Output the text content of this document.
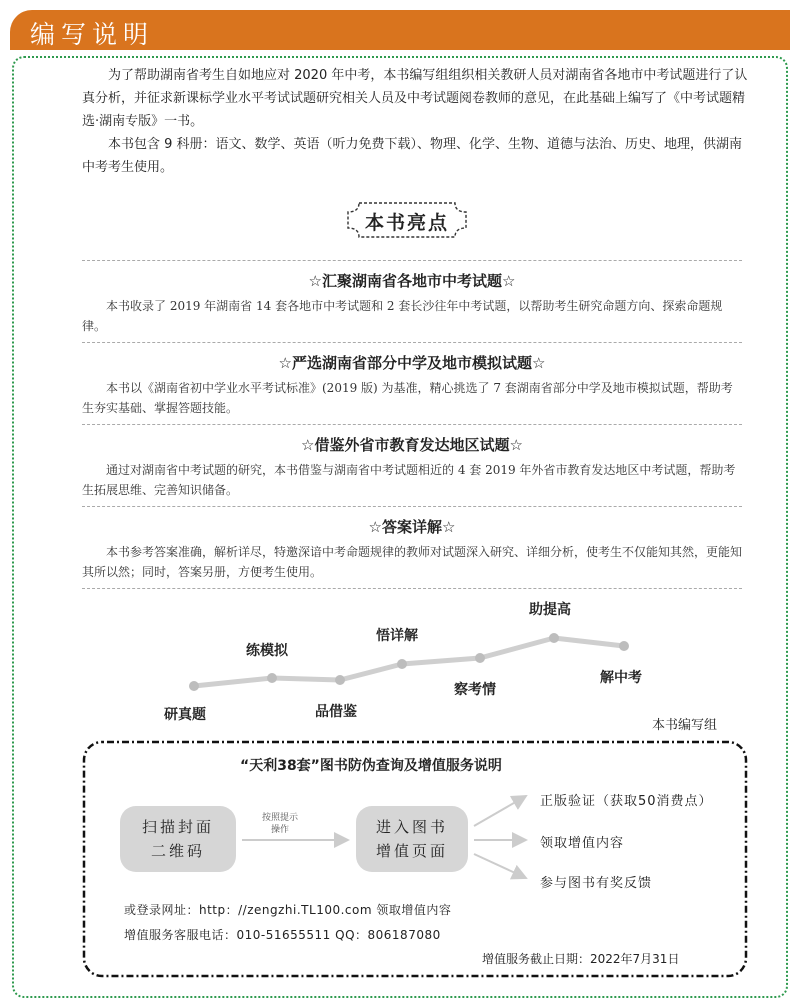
编写说明

为了帮助湖南省考生自如地应对 2020 年中考，本书编写组组织相关教研人员对湖南省各地市中考试题进行了认真分析，并征求新课标学业水平考试试题研究相关人员及中考试题阅卷教师的意见，在此基础上编写了《中考试题精选·湖南专版》一书。

本书包含 9 科册：语文、数学、英语（听力免费下载）、物理、化学、生物、道德与法治、历史、地理，供湖南中考考生使用。

本书亮点
☆汇聚湖南省各地市中考试题☆
本书收录了 2019 年湖南省 14 套各地市中考试题和 2 套长沙往年中考试题，以帮助考生研究命题方向、探索命题规律。
☆严选湖南省部分中学及地市模拟试题☆
本书以《湖南省初中学业水平考试标准》(2019 版) 为基准，精心挑选了 7 套湖南省部分中学及地市模拟试题，帮助考生夯实基础、掌握答题技能。
☆借鉴外省市教育发达地区试题☆
通过对湖南省中考试题的研究，本书借鉴与湖南省中考试题相近的 4 套 2019 年外省市教育发达地区中考试题，帮助考生拓展思维、完善知识储备。
☆答案详解☆
本书参考答案准确，解析详尽，特邀深谙中考命题规律的教师对试题深入研究、详细分析，使考生不仅能知其然，更能知其所以然；同时，答案另册，方便考生使用。
研真题
练模拟
品借鉴
悟详解
察考情
助提高
解中考
本书编写组
“天利38套”图书防伪查询及增值服务说明
扫描封面
二维码
按照提示
操作	进入图书
增值页面
正版验证（获取50消费点）
领取增值内容
参与图书有奖反馈
或登录网址：http：//zengzhi.TL100.com 领取增值内容
增值服务客服电话：010-51655511 QQ：806187080
增值服务截止日期：2022年7月31日
